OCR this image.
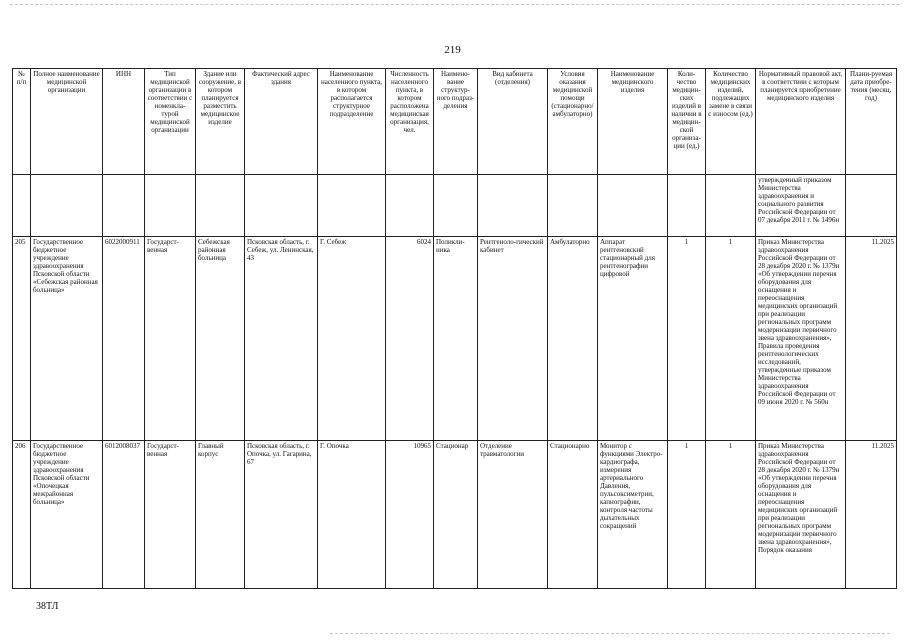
219
№ п/п	Полное наименование медицинской организации	ИНН	Тип медицинской организации в соответствии с номенкла-турой медицинской организации	Здание или сооружение, в котором планируется разместить медицинское изделие	Фактический адрес здания	Наименование населенного пункта, в котором располагается структурное подразделение	Численность населенного пункта, в котором расположена медицинская организация, чел.	Наимено-вание структур-ного подраз-деления	Вид кабинета (отделения)	Условия оказания медицинской помощи (стационарно/ амбулаторно)	Наименование медицинского изделия	Коли-чество медицин-ских изделий в наличии в медицин-ской организа-ции (ед.)	Количество медицинских изделий, подлежащих замене в связи с износом (ед.)	Нормативный правовой акт, в соответствии с которым планируется приобретение медицинского изделия	Плани-руемая дата приобре-тения (месяц, год)
														утвержденный приказом Министерства здравоохранения и социального развития Российской Федерации от 07 декабря 2011 г. № 1496н	
205	Государственное бюджетное учреждение здравоохранения Псковской области «Себежская районная больница»	6022000911	Государст-венная	Себежская районная больница	Псковская область, г. Себеж, ул. Ленинская, 43	Г. Себеж	6024	Поликли-ника	Рентгеноло-гический кабинет	Амбулаторно	Аппарат рентгеновский стационарный для рентгенографии цифровой	1	1	Приказ Министерства здравоохранения Российской Федерации от 28 декабря 2020 г. № 1379н «Об утверждении перечня оборудования для оснащения и переоснащения медицинских организаций при реализации региональных программ модернизации первичного звена здравоохранения», Правила проведения рентгенологических исследований, утвержденные приказом Министерства здравоохранения Российской Федерации от 09 июня 2020 г. № 560н	11.2025
206	Государственное бюджетное учреждение здравоохранения Псковской области «Опочецкая межрайонная больница»	6012008037	Государст-венная	Главный корпус	Псковская область, г. Опочка, ул. Гагарина, 67	Г. Опочка	10965	Стационар	Отделение травматологии	Стационарно	Монитор с функциями Электро-кардиографа, измерения артериального Давления, пульсоксиметрии, капнографии, контроля частоты дыхательных сокращений	1	1	Приказ Министерства здравоохранения Российской Федерации от 28 декабря 2020 г. № 1379н «Об утверждении перечня оборудования для оснащения и переоснащения медицинских организаций при реализации региональных программ модернизации первичного звена здравоохранения», Порядок оказания	11.2025
38ТЛ
